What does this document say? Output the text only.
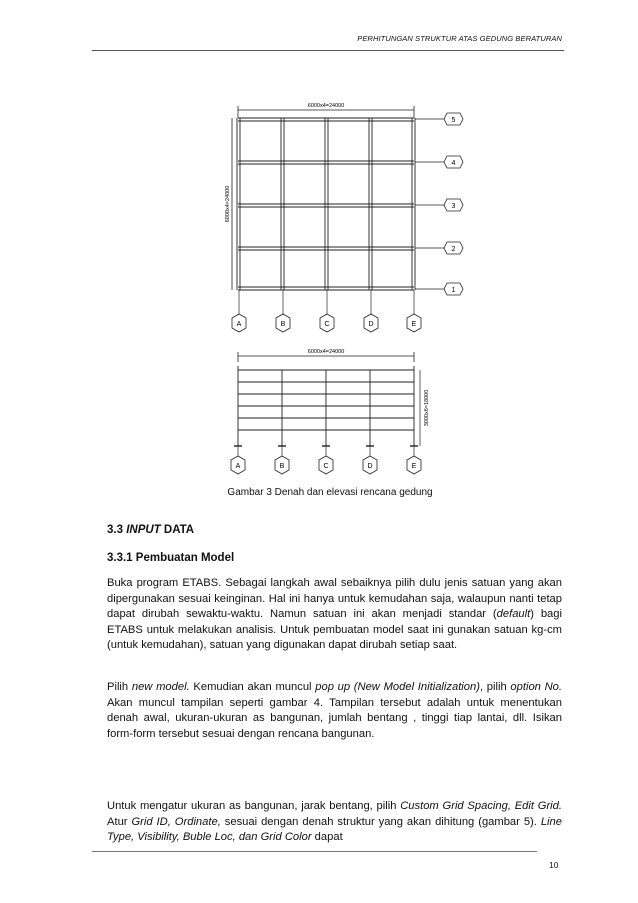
PERHITUNGAN STRUKTUR ATAS GEDUNG BERATURAN
6000x4=24000
6000x4=24000
5
4
3
2
1
A	B	C	D	E
6000x4=24000
3000x6=18000
A	B	C	D	E
Gambar 3 Denah dan elevasi rencana gedung
3.3 INPUT DATA
3.3.1 Pembuatan Model

Buka program ETABS. Sebagai langkah awal sebaiknya pilih dulu jenis satuan yang akan dipergunakan sesuai keinginan. Hal ini hanya untuk kemudahan saja, walaupun nanti tetap dapat dirubah sewaktu-waktu. Namun satuan ini akan menjadi standar (default) bagi ETABS untuk melakukan analisis. Untuk pembuatan model saat ini gunakan satuan kg-cm (untuk kemudahan), satuan yang digunakan dapat dirubah setiap saat.

Pilih new model. Kemudian akan muncul pop up (New Model Initialization), pilih option No. Akan muncul tampilan seperti gambar 4. Tampilan tersebut adalah untuk menentukan denah awal, ukuran-ukuran as bangunan, jumlah bentang , tinggi tiap lantai, dll. Isikan form-form tersebut sesuai dengan rencana bangunan.

Untuk mengatur ukuran as bangunan, jarak bentang, pilih Custom Grid Spacing, Edit Grid. Atur Grid ID, Ordinate, sesuai dengan denah struktur yang akan dihitung (gambar 5). Line Type, Visibility, Buble Loc, dan Grid Color dapat

10
